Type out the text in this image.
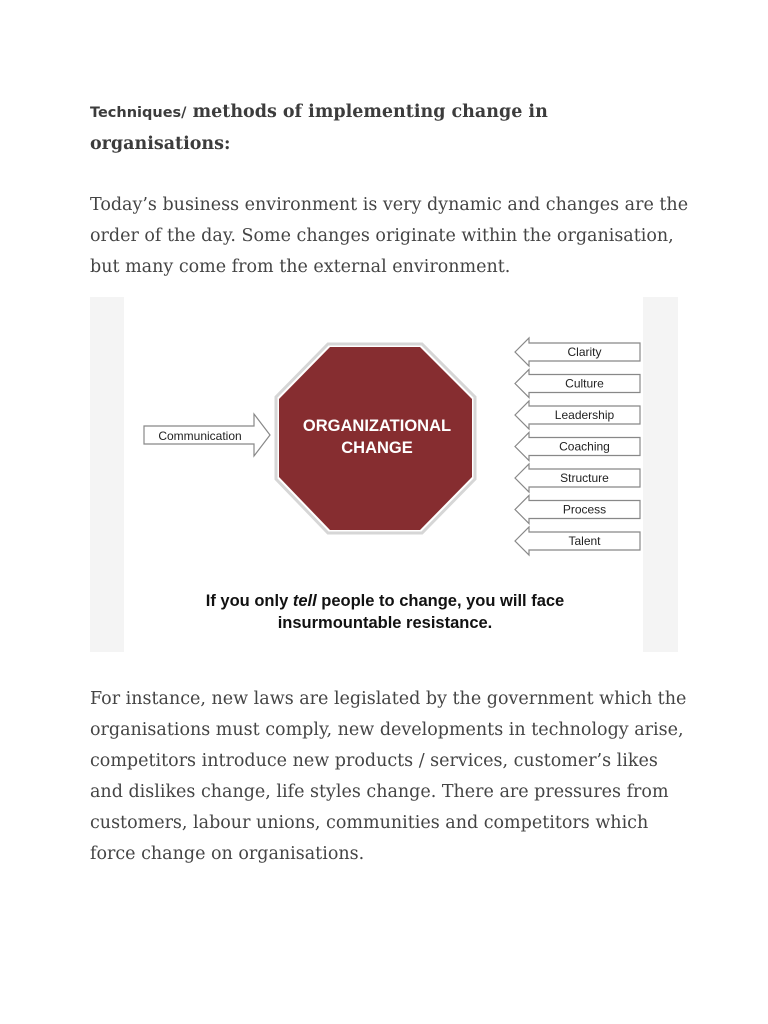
Techniques/ methods of implementing change in
organisations:

Today’s business environment is very dynamic and changes are the order of the day. Some changes originate within the organisation, but many come from the external environment.

Communication
ORGANIZATIONAL
CHANGE
Clarity
Culture
Leadership
Coaching
Structure
Process
Talent
If you only tell people to change, you will face
insurmountable resistance.

For instance, new laws are legislated by the government which the organisations must comply, new developments in technology arise, competitors introduce new products / services, customer’s likes and dislikes change, life styles change. There are pressures from customers, labour unions, communities and competitors which force change on organisations.
